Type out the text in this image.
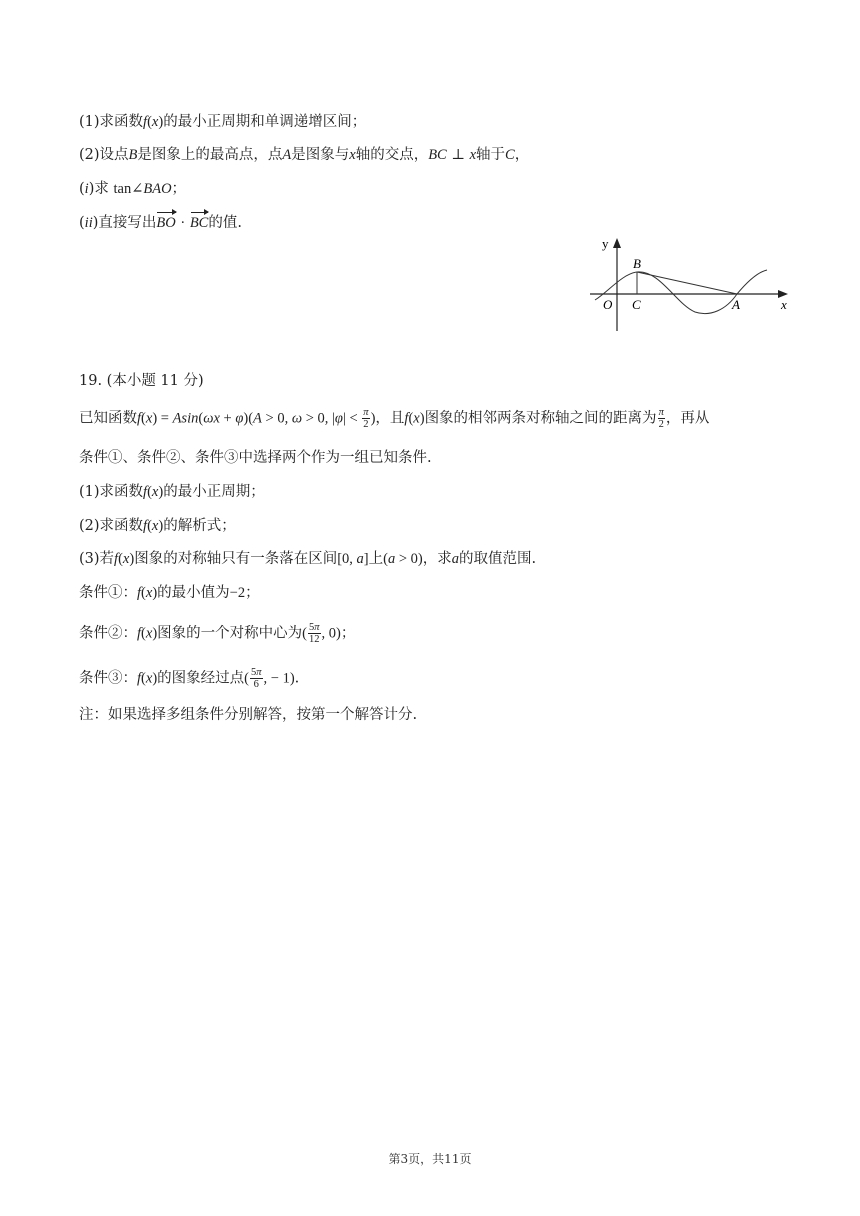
(1)求函数f(x)的最小正周期和单调递增区间；
(2)设点B是图象上的最高点，点A是图象与x轴的交点，BC ⊥ x轴于C，
(i)求 tan∠BAO；
(ii)直接写出BO · BC的值.
y
x
O
B
C	A
19. (本小题 11 分)
已知函数f(x) = Asin(ωx + φ)(A > 0, ω > 0, $|\varphi| < \frac{\pi}{2}$ )，且f(x)图象的相邻两条对称轴之间的距离为 $\frac{\pi}{2}$ ，再从
条件①、条件②、条件③中选择两个作为一组已知条件.
(1)求函数f(x)的最小正周期；
(2)求函数f(x)的解析式；
(3)若f(x)图象的对称轴只有一条落在区间[0, a]上(a > 0)，求a的取值范围.
条件①：f(x)的最小值为−2；
条件②：f(x)图象的一个对称中心为( $\frac{5\pi}{12}$ , 0)；
条件③：f(x)的图象经过点( $\frac{5\pi}{6}$ , − 1).
注：如果选择多组条件分别解答，按第一个解答计分.
第3页，共11页
